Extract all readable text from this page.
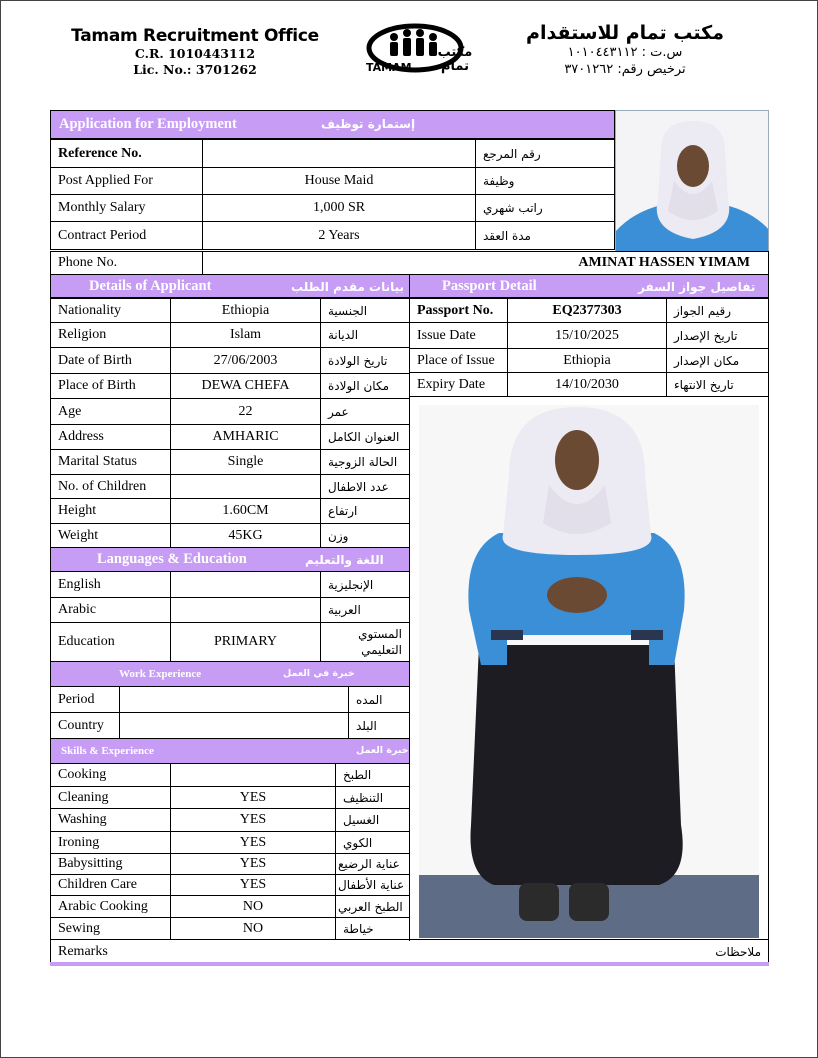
Tamam Recruitment Office
C.R. 1010443112
Lic. No.: 3701262	TAMAM
مكتب تمام
مكتب تمام للاستقدام
س.ت : ١٠١٠٤٤٣١١٢
ترخيص رقم: ٣٧٠١٢٦٢
Application for Employment	إستمارة توظيف
Reference No.	رقم المرجع
Post Applied For	House Maid	وظيفة
Monthly Salary	1,000 SR	راتب شهري
Contract Period	2 Years	مدة العقد
Phone No.	AMINAT HASSEN YIMAM
Details of Applicant	بيانات مقدم الطلب	Passport Detail	تفاصيل جواز السفر
Nationality	Ethiopia	الجنسية
Religion	Islam	الديانة
Date of Birth	27/06/2003	تاريخ الولادة
Place of Birth	DEWA CHEFA	مكان الولادة
Age	22	عمر
Address	AMHARIC	العنوان الكامل
Marital Status	Single	الحالة الزوجية
No. of Children	عدد الاطفال
Height	1.60CM	ارتفاع
Weight	45KG	وزن
Passport No.	EQ2377303	رقيم الجواز
Issue Date	15/10/2025	تاريخ الإصدار
Place of Issue	Ethiopia	مكان الإصدار
Expiry Date	14/10/2030	تاريخ الانتهاء
Languages & Education	اللغة والتعليم
English	الإنجليزية
Arabic	العربية
Education	PRIMARY	المستوي التعليمي
Work Experience	خبرة في العمل
Period	المده
Country	البلد
Skills & Experience	خبرة العمل
Cooking	الطبخ
Cleaning	YES	التنظيف
Washing	YES	الغسيل
Ironing	YES	الكوي
Babysitting	YES	عناية الرضيع
Children Care	YES	عناية الأطفال
Arabic Cooking	NO	الطبخ العربي
Sewing	NO	خياطة
Remarks	ملاحظات
